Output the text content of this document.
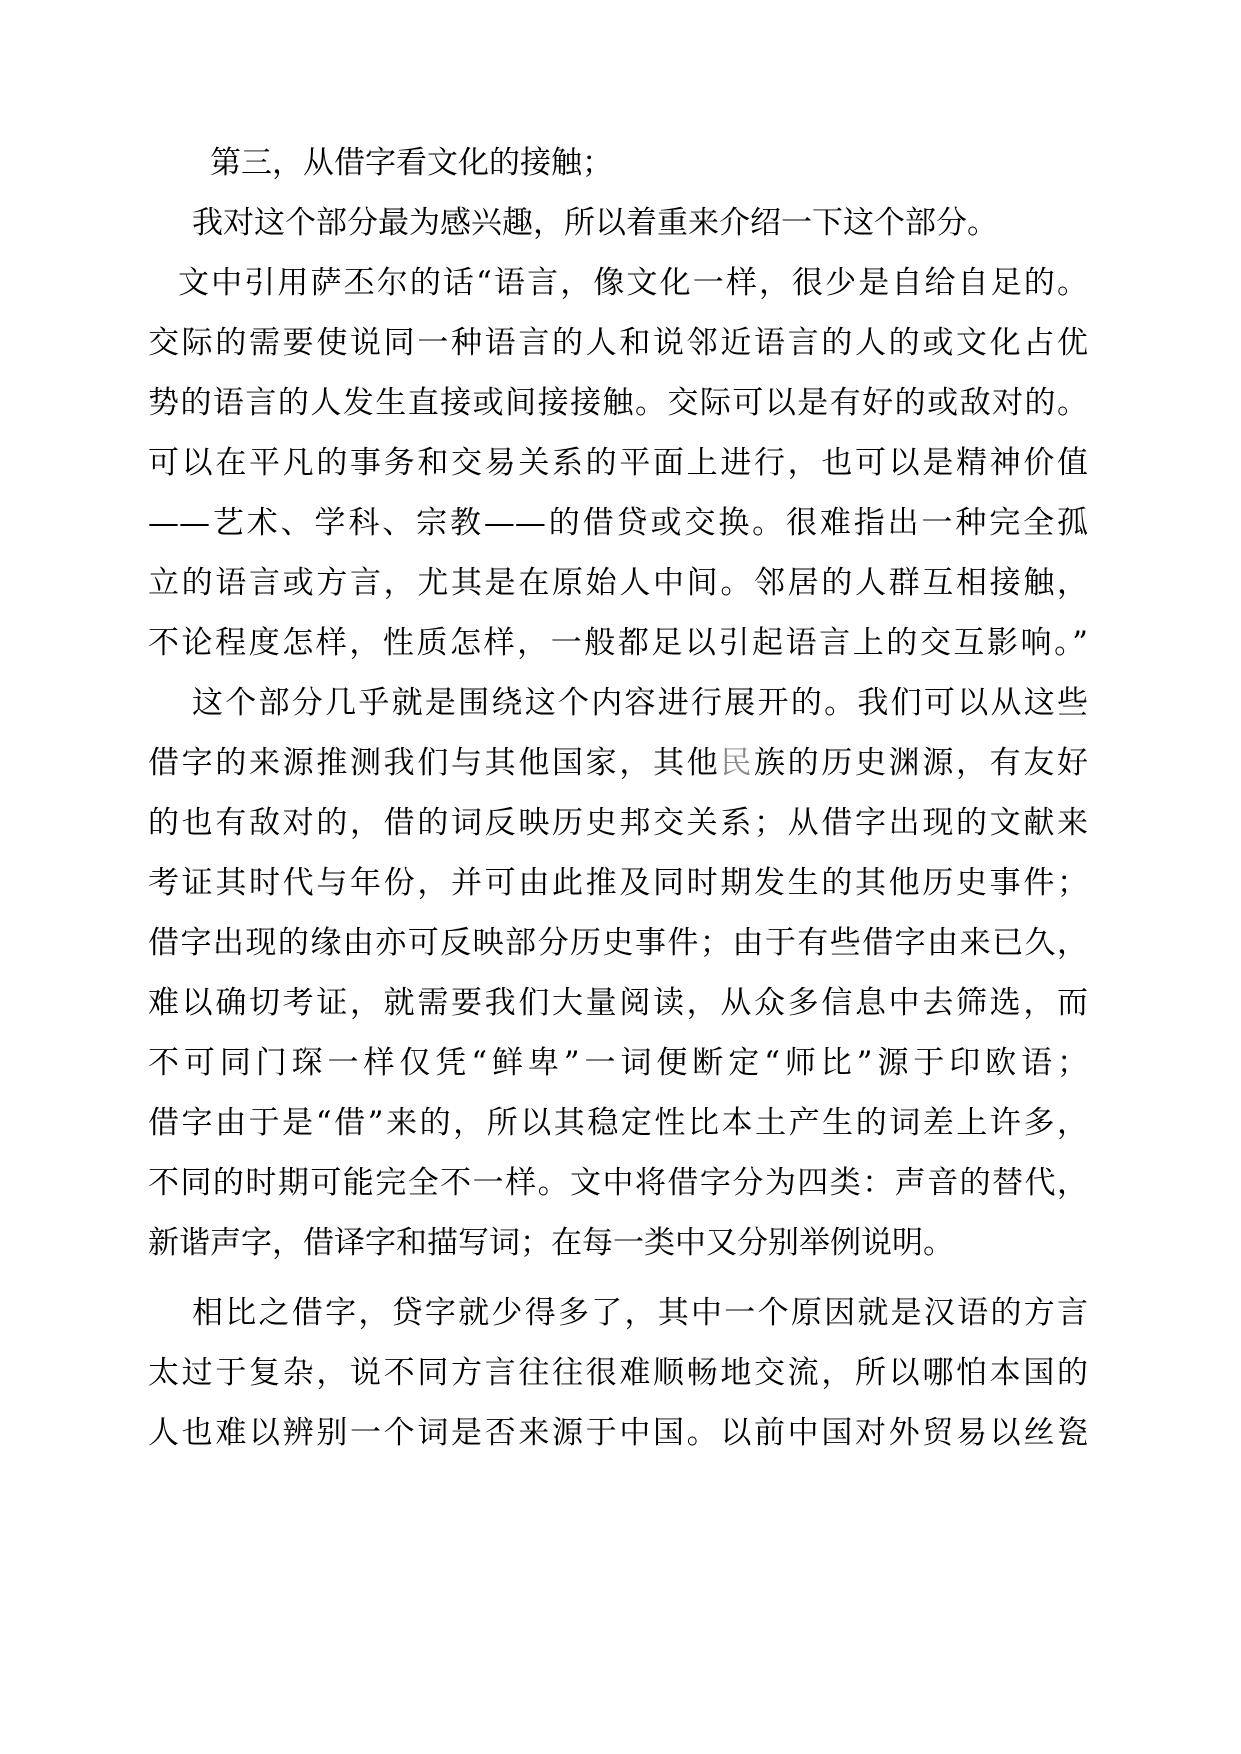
第三，从借字看文化的接触；

我对这个部分最为感兴趣，所以着重来介绍一下这个部分。

文中引用萨丕尔的话“语言，像文化一样，很少是自给自足的。

交际的需要使说同一种语言的人和说邻近语言的人的或文化占优

势的语言的人发生直接或间接接触。交际可以是有好的或敌对的。

可以在平凡的事务和交易关系的平面上进行，也可以是精神价值

——艺术、学科、宗教——的借贷或交换。很难指出一种完全孤

立的语言或方言，尤其是在原始人中间。邻居的人群互相接触，

不论程度怎样，性质怎样，一般都足以引起语言上的交互影响。”

这个部分几乎就是围绕这个内容进行展开的。我们可以从这些

借字的来源推测我们与其他国家，其他民族的历史渊源，有友好

的也有敌对的，借的词反映历史邦交关系；从借字出现的文献来

考证其时代与年份，并可由此推及同时期发生的其他历史事件；

借字出现的缘由亦可反映部分历史事件；由于有些借字由来已久，

难以确切考证，就需要我们大量阅读，从众多信息中去筛选，而

不可同门琛一样仅凭“鲜卑”一词便断定“师比”源于印欧语；

借字由于是“借”来的，所以其稳定性比本土产生的词差上许多，

不同的时期可能完全不一样。文中将借字分为四类：声音的替代，

新谐声字，借译字和描写词；在每一类中又分别举例说明。

相比之借字，贷字就少得多了，其中一个原因就是汉语的方言

太过于复杂，说不同方言往往很难顺畅地交流，所以哪怕本国的

人也难以辨别一个词是否来源于中国。以前中国对外贸易以丝瓷
